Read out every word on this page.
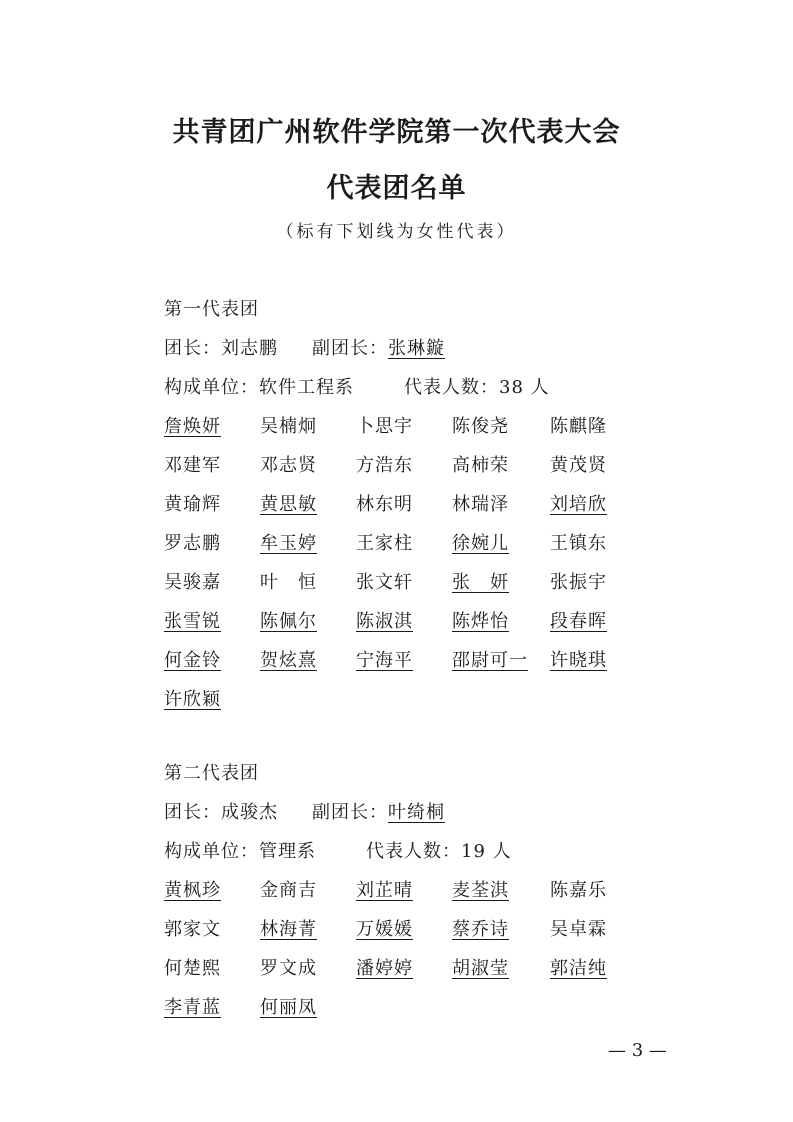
共青团广州软件学院第一次代表大会
代表团名单
（标有下划线为女性代表）
第一代表团
团长：刘志鹏 副团长：张琳鏇
构成单位：软件工程系	代表人数：38 人
詹焕妍 吴楠炯 卜思宇 陈俊尧 陈麒隆
邓建军 邓志贤 方浩东 高柿荣 黄茂贤
黄瑜辉 黄思敏 林东明 林瑞泽 刘培欣
罗志鹏 牟玉婷 王家柱 徐婉儿 王镇东
吴骏嘉 叶　恒 张文轩 张　妍 张振宇
张雪锐 陈佩尔 陈淑淇 陈烨怡 段春晖
何金铃 贺炫熹 宁海平 邵尉可一 许晓琪
许欣颖
第二代表团
团长：成骏杰 副团长：叶绮桐
构成单位：管理系	代表人数：19 人
黄枫珍 金商吉 刘芷晴 麦荃淇 陈嘉乐
郭家文 林海菁 万媛媛 蔡乔诗 吴卓霖
何楚熙 罗文成 潘婷婷 胡淑莹 郭洁纯
李青蓝 何丽凤
— 3 —
